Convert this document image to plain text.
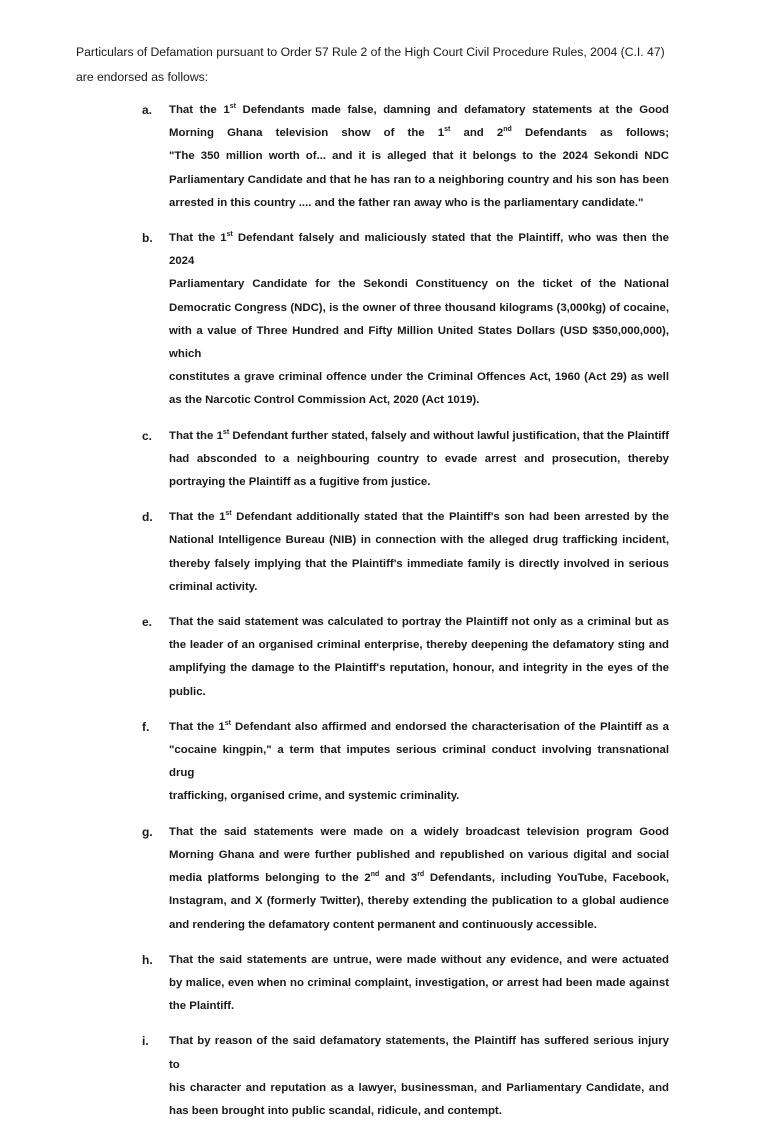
Particulars of Defamation pursuant to Order 57 Rule 2 of the High Court Civil Procedure Rules, 2004 (C.I. 47)
are endorsed as follows:

a.	That the 1st Defendants made false, damning and defamatory statements at the Good
Morning Ghana television show of the 1st and 2nd Defendants as follows;
"The 350 million worth of... and it is alleged that it belongs to the 2024 Sekondi NDC
Parliamentary Candidate and that he has ran to a neighboring country and his son has been
arrested in this country .... and the father ran away who is the parliamentary candidate."
b.	That the 1st Defendant falsely and maliciously stated that the Plaintiff, who was then the 2024
Parliamentary Candidate for the Sekondi Constituency on the ticket of the National
Democratic Congress (NDC), is the owner of three thousand kilograms (3,000kg) of cocaine,
with a value of Three Hundred and Fifty Million United States Dollars (USD $350,000,000), which
constitutes a grave criminal offence under the Criminal Offences Act, 1960 (Act 29) as well
as the Narcotic Control Commission Act, 2020 (Act 1019).
c.	That the 1st Defendant further stated, falsely and without lawful justification, that the Plaintiff
had absconded to a neighbouring country to evade arrest and prosecution, thereby
portraying the Plaintiff as a fugitive from justice.
d.	That the 1st Defendant additionally stated that the Plaintiff's son had been arrested by the
National Intelligence Bureau (NIB) in connection with the alleged drug trafficking incident,
thereby falsely implying that the Plaintiff's immediate family is directly involved in serious
criminal activity.
e.	That the said statement was calculated to portray the Plaintiff not only as a criminal but as
the leader of an organised criminal enterprise, thereby deepening the defamatory sting and
amplifying the damage to the Plaintiff's reputation, honour, and integrity in the eyes of the
public.
f.	That the 1st Defendant also affirmed and endorsed the characterisation of the Plaintiff as a
"cocaine kingpin," a term that imputes serious criminal conduct involving transnational drug
trafficking, organised crime, and systemic criminality.
g.	That the said statements were made on a widely broadcast television program Good
Morning Ghana and were further published and republished on various digital and social
media platforms belonging to the 2nd and 3rd Defendants, including YouTube, Facebook,
Instagram, and X (formerly Twitter), thereby extending the publication to a global audience
and rendering the defamatory content permanent and continuously accessible.
h.	That the said statements are untrue, were made without any evidence, and were actuated
by malice, even when no criminal complaint, investigation, or arrest had been made against
the Plaintiff.
i.	That by reason of the said defamatory statements, the Plaintiff has suffered serious injury to
his character and reputation as a lawyer, businessman, and Parliamentary Candidate, and
has been brought into public scandal, ridicule, and contempt.
